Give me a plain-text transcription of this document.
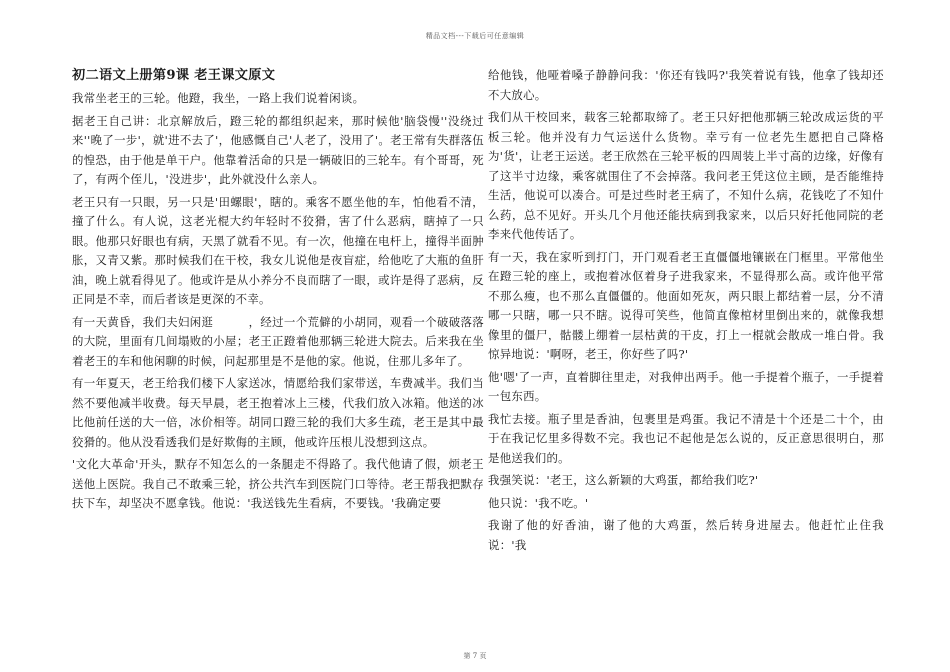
精品文档---下载后可任意编辑

初二语文上册第9课 老王课文原文

我常坐老王的三轮。他蹬，我坐，一路上我们说着闲谈。

据老王自己讲：北京解放后，蹬三轮的都组织起来，那时候他'脑袋慢''没绕过来''晚了一步'，就'进不去了'，他感慨自己'人老了，没用了'。老王常有失群落伍的惶恐，由于他是单干户。他靠着活命的只是一辆破旧的三轮车。有个哥哥，死了，有两个侄儿，'没进步'，此外就没什么亲人。

老王只有一只眼，另一只是'田螺眼'，瞎的。乘客不愿坐他的车，怕他看不清，撞了什么。有人说，这老光棍大约年轻时不狡猾，害了什么恶病，瞎掉了一只眼。他那只好眼也有病，天黑了就看不见。有一次，他撞在电杆上，撞得半面肿胀，又青又紫。那时候我们在干校，我女儿说他是夜盲症，给他吃了大瓶的鱼肝油，晚上就看得见了。他或许是从小养分不良而瞎了一眼，或许是得了恶病，反正同是不幸，而后者该是更深的不幸。

有一天黄昏，我们夫妇闲逛　　　，经过一个荒僻的小胡同，观看一个破破落落的大院，里面有几间塌败的小屋；老王正蹬着他那辆三轮进大院去。后来我在坐着老王的车和他闲聊的时候，问起那里是不是他的家。他说，住那儿多年了。

有一年夏天，老王给我们楼下人家送冰，情愿给我们家带送，车费减半。我们当然不要他减半收费。每天早晨，老王抱着冰上三楼，代我们放入冰箱。他送的冰比他前任送的大一倍，冰价相等。胡同口蹬三轮的我们大多生疏，老王是其中最狡猾的。他从没看透我们是好欺侮的主顾，他或许压根儿没想到这点。

'文化大革命'开头，默存不知怎么的一条腿走不得路了。我代他请了假，烦老王送他上医院。我自己不敢乘三轮，挤公共汽车到医院门口等待。老王帮我把默存扶下车，却坚决不愿拿钱。他说：'我送钱先生看病，不要钱。'我确定要

给他钱，他哑着嗓子静静问我：'你还有钱吗?'我笑着说有钱，他拿了钱却还不大放心。

我们从干校回来，载客三轮都取缔了。老王只好把他那辆三轮改成运货的平板三轮。他并没有力气运送什么货物。幸亏有一位老先生愿把自己降格为'货'，让老王运送。老王欣然在三轮平板的四周装上半寸高的边缘，好像有了这半寸边缘，乘客就围住了不会掉落。我问老王凭这位主顾，是否能维持生活，他说可以凑合。可是过些时老王病了，不知什么病，花钱吃了不知什么药，总不见好。开头几个月他还能扶病到我家来，以后只好托他同院的老李来代他传话了。

有一天，我在家听到打门，开门观看老王直僵僵地镶嵌在门框里。平常他坐在蹬三轮的座上，或抱着冰伛着身子进我家来，不显得那么高。或许他平常不那么瘦，也不那么直僵僵的。他面如死灰，两只眼上都结着一层，分不清哪一只瞎，哪一只不瞎。说得可笑些，他简直像棺材里倒出来的，就像我想像里的僵尸，骷髅上绷着一层枯黄的干皮，打上一棍就会散成一堆白骨。我惊异地说：'啊呀，老王，你好些了吗?'

他'嗯'了一声，直着脚往里走，对我伸出两手。他一手提着个瓶子，一手提着一包东西。

我忙去接。瓶子里是香油，包裹里是鸡蛋。我记不清是十个还是二十个，由于在我记忆里多得数不完。我也记不起他是怎么说的，反正意思很明白，那是他送我们的。

我强笑说：'老王，这么新颖的大鸡蛋，都给我们吃?'

他只说：'我不吃。'

我谢了他的好香油，谢了他的大鸡蛋，然后转身进屋去。他赶忙止住我说：'我

第 7 页
